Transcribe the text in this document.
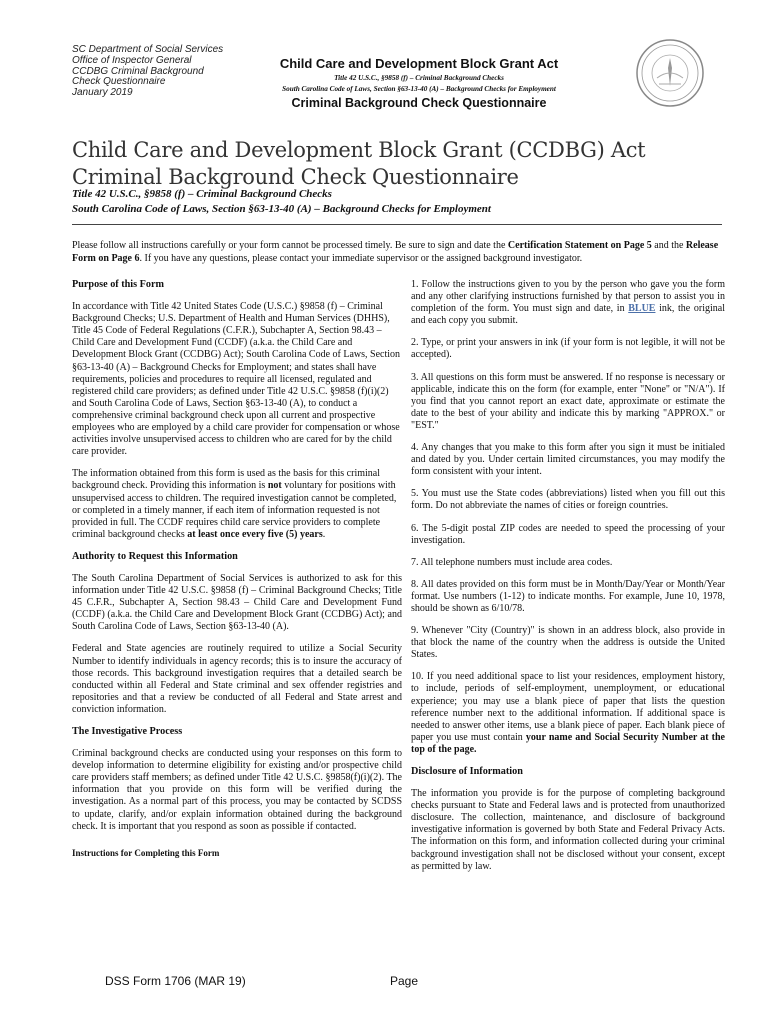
SC Department of Social Services
Office of Inspector General
CCDBG Criminal Background
Check Questionnaire
January 2019
Child Care and Development Block Grant Act
Title 42 U.S.C., §9858 (f) – Criminal Background Checks
South Carolina Code of Laws, Section §63-13-40 (A) – Background Checks for Employment
Criminal Background Check Questionnaire
Child Care and Development Block Grant (CCDBG) Act
Criminal Background Check Questionnaire
Title 42 U.S.C., §9858 (f) – Criminal Background Checks
South Carolina Code of Laws, Section §63-13-40 (A) – Background Checks for Employment
Please follow all instructions carefully or your form cannot be processed timely. Be sure to sign and date the Certification Statement on Page 5 and the Release Form on Page 6. If you have any questions, please contact your immediate supervisor or the assigned background investigator.
Purpose of this Form

In accordance with Title 42 United States Code (U.S.C.) §9858 (f) – Criminal Background Checks; U.S. Department of Health and Human Services (DHHS), Title 45 Code of Federal Regulations (C.F.R.), Subchapter A, Section 98.43 – Child Care and Development Fund (CCDF) (a.k.a. the Child Care and Development Block Grant (CCDBG) Act); South Carolina Code of Laws, Section §63-13-40 (A) – Background Checks for Employment; and states shall have requirements, policies and procedures to require all licensed, regulated and registered child care providers; as defined under Title 42 U.S.C. §9858 (f)(i)(2) and South Carolina Code of Laws, Section §63-13-40 (A), to conduct a comprehensive criminal background check upon all current and prospective employees who are employed by a child care provider for compensation or whose activities involve unsupervised access to children who are cared for by the child care provider.

The information obtained from this form is used as the basis for this criminal background check. Providing this information is not voluntary for positions with unsupervised access to children. The required investigation cannot be completed, or completed in a timely manner, if each item of information requested is not provided in full. The CCDF requires child care service providers to complete criminal background checks at least once every five (5) years.

Authority to Request this Information

The South Carolina Department of Social Services is authorized to ask for this information under Title 42 U.S.C. §9858 (f) – Criminal Background Checks; Title 45 C.F.R., Subchapter A, Section 98.43 – Child Care and Development Fund (CCDF) (a.k.a. the Child Care and Development Block Grant (CCDBG) Act); and South Carolina Code of Laws, Section §63-13-40 (A).

Federal and State agencies are routinely required to utilize a Social Security Number to identify individuals in agency records; this is to insure the accuracy of those records. This background investigation requires that a detailed search be conducted within all Federal and State criminal and sex offender registries and repositories and that a review be conducted of all Federal and State arrest and conviction information.

The Investigative Process

Criminal background checks are conducted using your responses on this form to develop information to determine eligibility for existing and/or prospective child care providers staff members; as defined under Title 42 U.S.C. §9858(f)(i)(2). The information that you provide on this form will be verified during the investigation. As a normal part of this process, you may be contacted by SCDSS to update, clarify, and/or explain information obtained during the background check. It is important that you respond as soon as possible if contacted.

Instructions for Completing this Form

1. Follow the instructions given to you by the person who gave you the form and any other clarifying instructions furnished by that person to assist you in completion of the form. You must sign and date, in BLUE ink, the original and each copy you submit.

2. Type, or print your answers in ink (if your form is not legible, it will not be accepted).

3. All questions on this form must be answered. If no response is necessary or applicable, indicate this on the form (for example, enter "None" or "N/A"). If you find that you cannot report an exact date, approximate or estimate the date to the best of your ability and indicate this by marking "APPROX." or "EST."

4. Any changes that you make to this form after you sign it must be initialed and dated by you. Under certain limited circumstances, you may modify the form consistent with your intent.

5. You must use the State codes (abbreviations) listed when you fill out this form. Do not abbreviate the names of cities or foreign countries.

6. The 5-digit postal ZIP codes are needed to speed the processing of your investigation.

7. All telephone numbers must include area codes.

8. All dates provided on this form must be in Month/Day/Year or Month/Year format. Use numbers (1-12) to indicate months. For example, June 10, 1978, should be shown as 6/10/78.

9. Whenever "City (Country)" is shown in an address block, also provide in that block the name of the country when the address is outside the United States.

10. If you need additional space to list your residences, employment history, to include, periods of self-employment, unemployment, or educational experience; you may use a blank piece of paper that lists the question reference number next to the additional information. If additional space is needed to answer other items, use a blank piece of paper. Each blank piece of paper you use must contain your name and Social Security Number at the top of the page.

Disclosure of Information

The information you provide is for the purpose of completing background checks pursuant to State and Federal laws and is protected from unauthorized disclosure. The collection, maintenance, and disclosure of background investigative information is governed by both State and Federal Privacy Acts. The information on this form, and information collected during your criminal background investigation shall not be disclosed without your consent, except as permitted by law.

DSS Form 1706 (MAR 19)	Page
